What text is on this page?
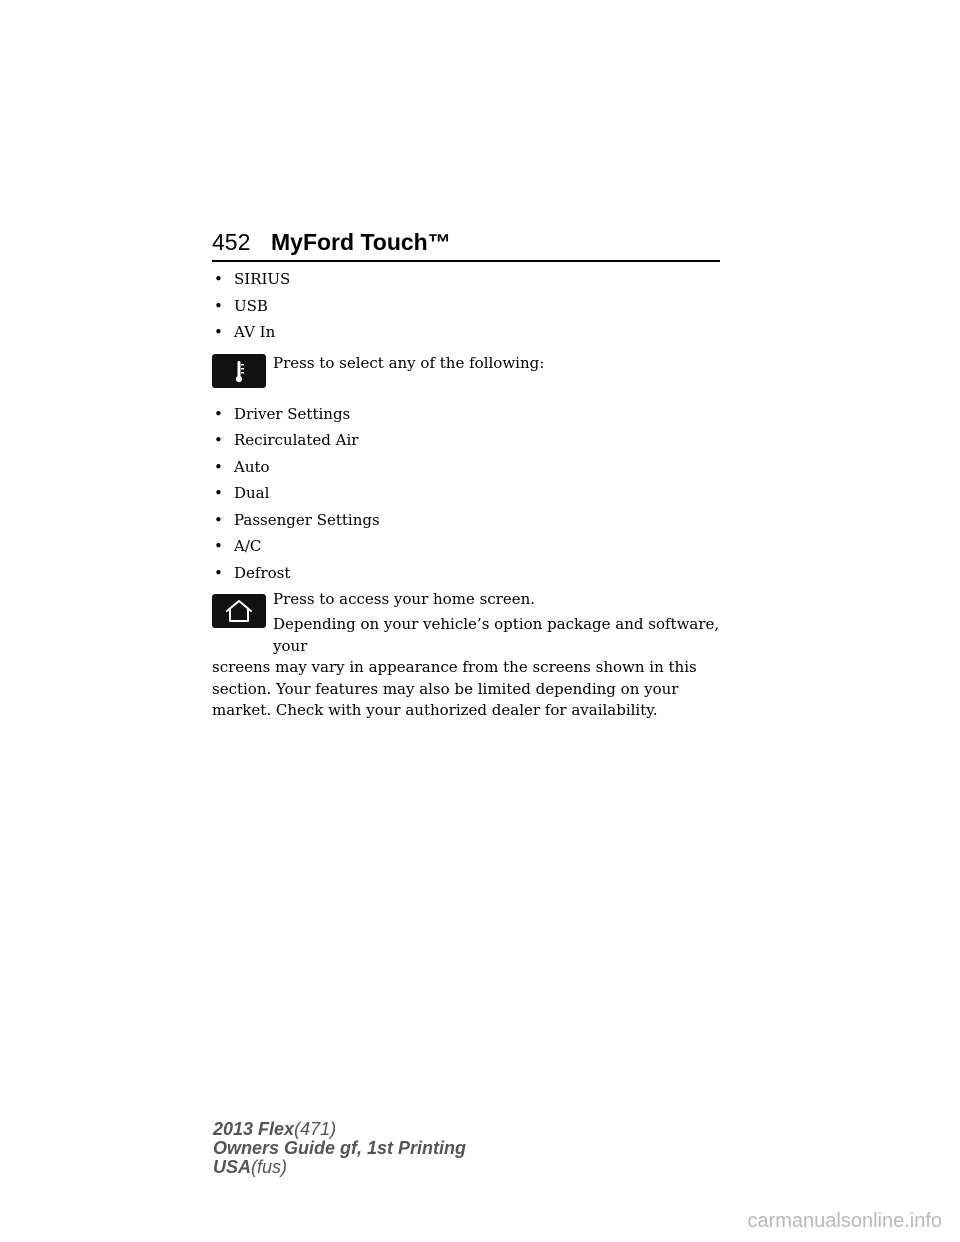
452 MyFord Touch™
• SIRIUS
• USB
• AV In
Press to select any of the following:
• Driver Settings
• Recirculated Air
• Auto
• Dual
• Passenger Settings
• A/C
• Defrost
Press to access your home screen.

Depending on your vehicle’s option package and software, your
screens may vary in appearance from the screens shown in this section. Your features may also be limited depending on your market. Check with your authorized dealer for availability.

2013 Flex(471)
Owners Guide gf, 1st Printing
USA(fus)
carmanualsonline.info
